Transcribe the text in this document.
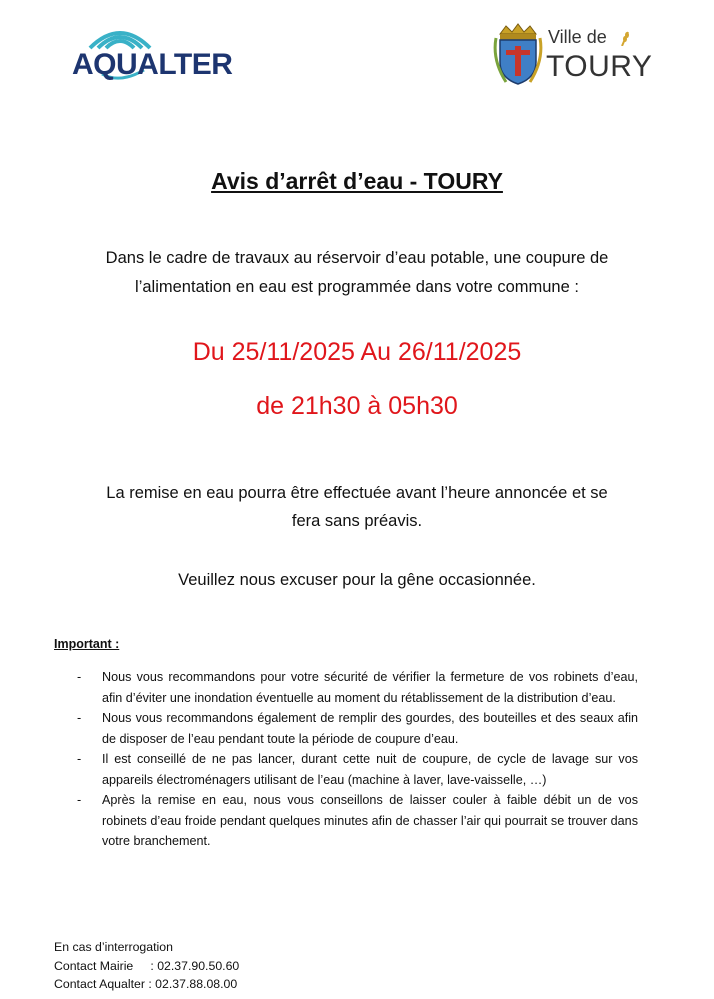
AQUALTER
Ville de
TOURY
Avis d’arrêt d’eau - TOURY
Dans le cadre de travaux au réservoir d’eau potable, une coupure de
l’alimentation en eau est programmée dans votre commune :
Du 25/11/2025 Au 26/11/2025
de 21h30 à 05h30
La remise en eau pourra être effectuée avant l’heure annoncée et se
fera sans préavis.
Veuillez nous excuser pour la gêne occasionnée.
Important :
- Nous vous recommandons pour votre sécurité de vérifier la fermeture de vos robinets d’eau, afin d’éviter une inondation éventuelle au moment du rétablissement de la distribution d’eau.
- Nous vous recommandons également de remplir des gourdes, des bouteilles et des seaux afin de disposer de l’eau pendant toute la période de coupure d’eau.
- Il est conseillé de ne pas lancer, durant cette nuit de coupure, de cycle de lavage sur vos appareils électroménagers utilisant de l’eau (machine à laver, lave-vaisselle, …)
- Après la remise en eau, nous vous conseillons de laisser couler à faible débit un de vos robinets d’eau froide pendant quelques minutes afin de chasser l’air qui pourrait se trouver dans votre branchement.
En cas d’interrogation
Contact Mairie     : 02.37.90.50.60
Contact Aqualter : 02.37.88.08.00
